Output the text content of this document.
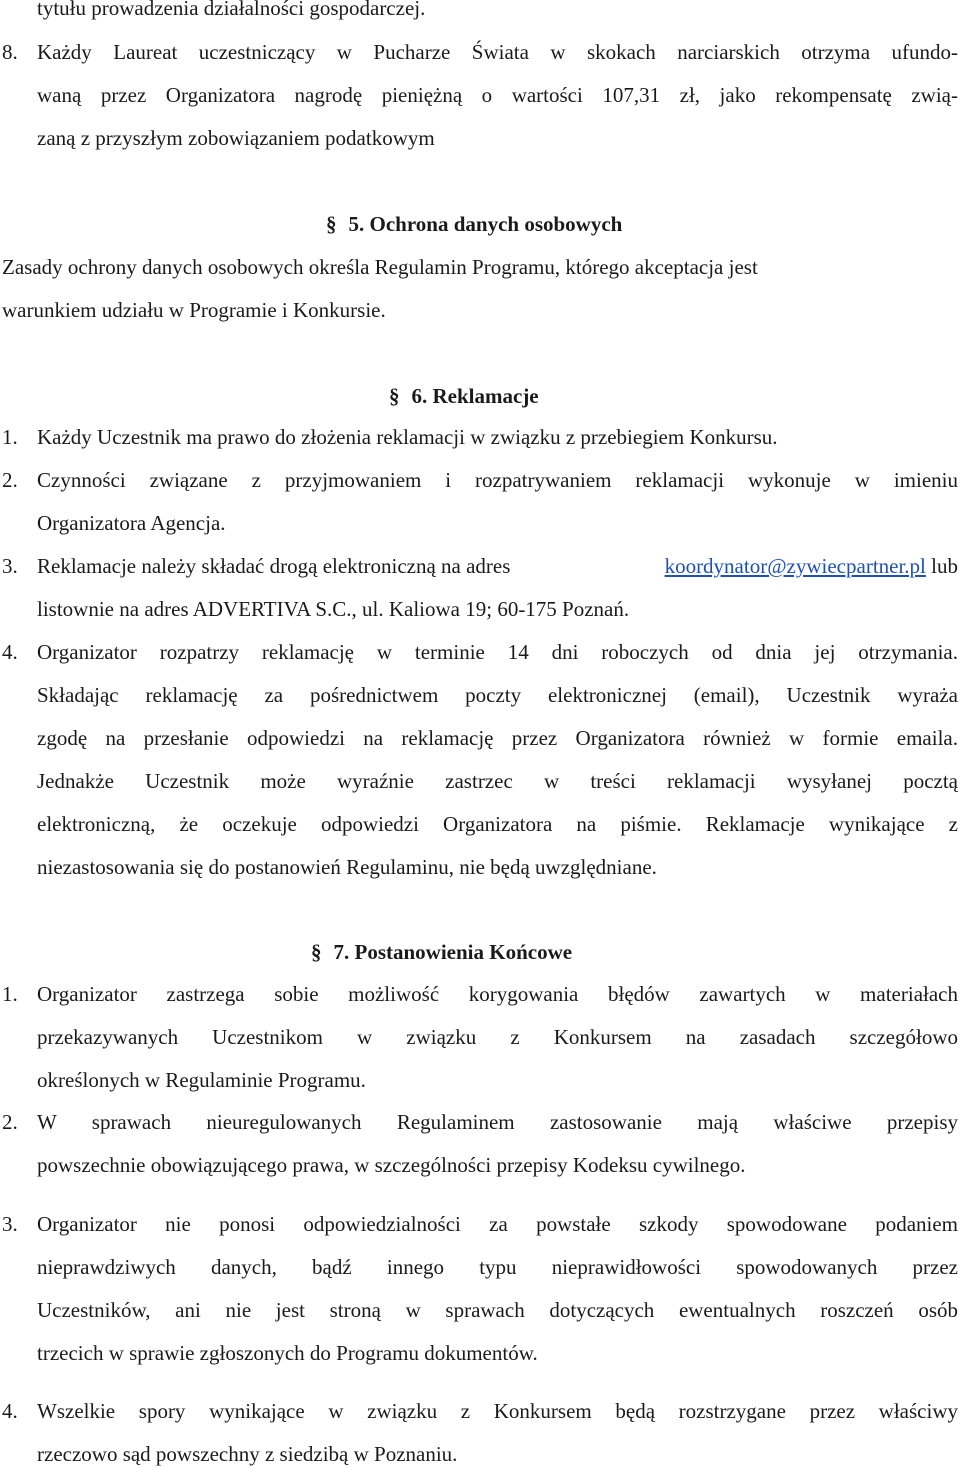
tytułu prowadzenia działalności gospodarczej.
8. Każdy Laureat uczestniczący w Pucharze Świata w skokach narciarskich otrzyma ufundo-
waną przez Organizatora nagrodę pieniężną o wartości 107,31 zł, jako rekompensatę zwią-
zaną z przyszłym zobowiązaniem podatkowym
§ 5. Ochrona danych osobowych
Zasady ochrony danych osobowych określa Regulamin Programu, którego akceptacja jest
warunkiem udziału w Programie i Konkursie.
§ 6. Reklamacje
1. Każdy Uczestnik ma prawo do złożenia reklamacji w związku z przebiegiem Konkursu.
2. Czynności związane z przyjmowaniem i rozpatrywaniem reklamacji wykonuje w imieniu
Organizatora Agencja.
3. Reklamacje należy składać drogą elektroniczną na adres	koordynator@zywiecpartner.pl lub
listownie na adres ADVERTIVA S.C., ul. Kaliowa 19; 60-175 Poznań.
4. Organizator rozpatrzy reklamację w terminie 14 dni roboczych od dnia jej otrzymania.
Składając reklamację za pośrednictwem poczty elektronicznej (email), Uczestnik wyraża
zgodę na przesłanie odpowiedzi na reklamację przez Organizatora również w formie emaila.
Jednakże Uczestnik może wyraźnie zastrzec w treści reklamacji wysyłanej pocztą
elektroniczną, że oczekuje odpowiedzi Organizatora na piśmie. Reklamacje wynikające z
niezastosowania się do postanowień Regulaminu, nie będą uwzględniane.
§ 7. Postanowienia Końcowe
1. Organizator zastrzega sobie możliwość korygowania błędów zawartych w materiałach
przekazywanych Uczestnikom w związku z Konkursem na zasadach szczegółowo
określonych w Regulaminie Programu.
2. W sprawach nieuregulowanych Regulaminem zastosowanie mają właściwe przepisy
powszechnie obowiązującego prawa, w szczególności przepisy Kodeksu cywilnego.
3. Organizator nie ponosi odpowiedzialności za powstałe szkody spowodowane podaniem
nieprawdziwych danych, bądź innego typu nieprawidłowości spowodowanych przez
Uczestników, ani nie jest stroną w sprawach dotyczących ewentualnych roszczeń osób
trzecich w sprawie zgłoszonych do Programu dokumentów.
4. Wszelkie spory wynikające w związku z Konkursem będą rozstrzygane przez właściwy
rzeczowo sąd powszechny z siedzibą w Poznaniu.
